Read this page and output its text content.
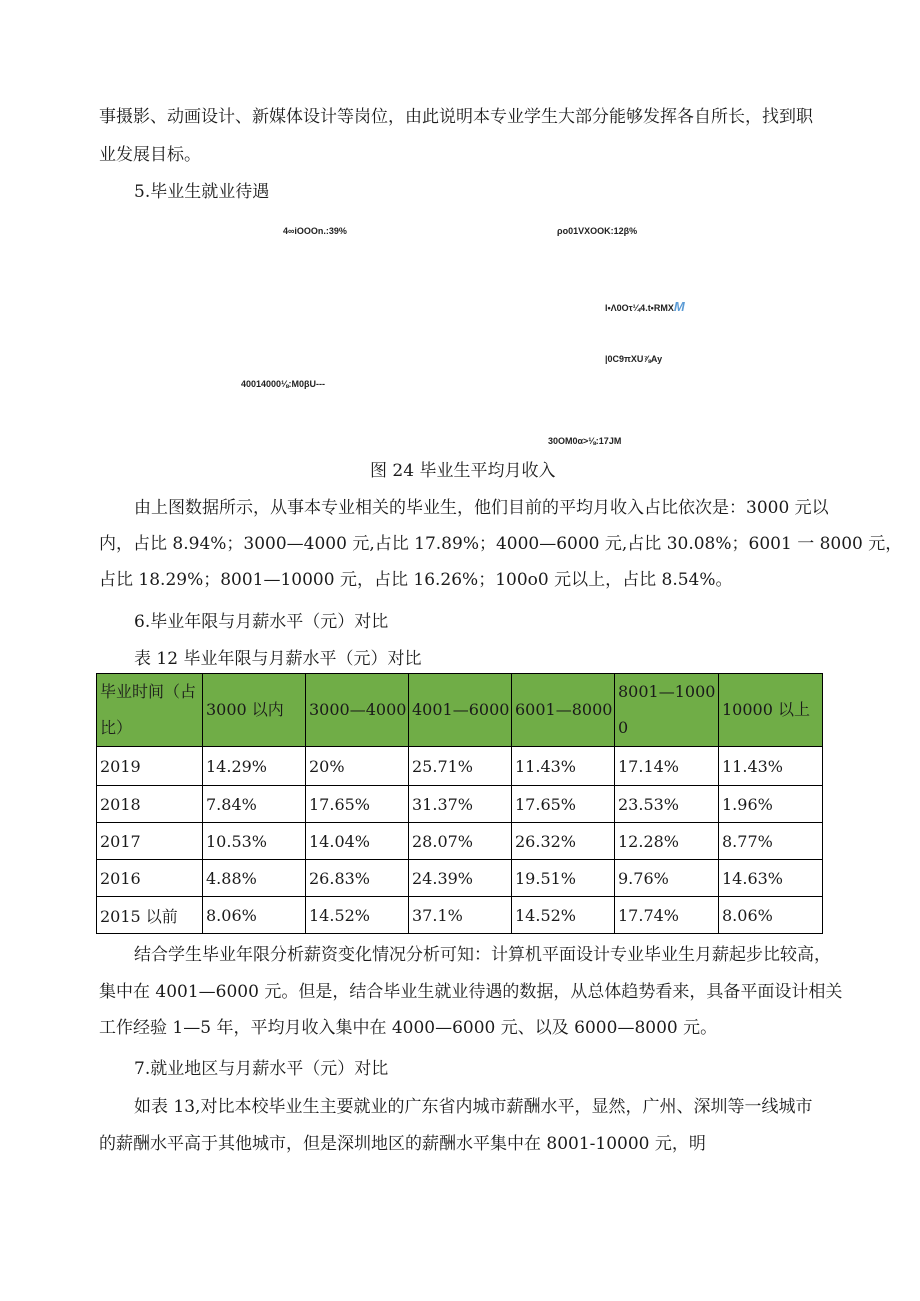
事摄影、动画设计、新媒体设计等岗位，由此说明本专业学生大部分能够发挥各自所长，找到职
业发展目标。
5.毕业生就业待遇
4∞iOOOn.:39%	ρo01VXOOK:12β%
l•Λ0Oτ¼4.t•RMXM
|0C9πXU⅞Ay
40014000⅛:M0βU---
30OM0α>⅛:17JM
图 24 毕业生平均月收入
由上图数据所示，从事本专业相关的毕业生，他们目前的平均月收入占比依次是：3000 元以
内，占比 8.94%；3000—4000 元,占比 17.89%；4000—6000 元,占比 30.08%；6001 一 8000 元，
占比 18.29%；8001—10000 元，占比 16.26%；100o0 元以上，占比 8.54%。
6.毕业年限与月薪水平（元）对比
表 12 毕业年限与月薪水平（元）对比
毕业时间（占比）	3000 以内	3000—4000	4001—6000	6001—8000	8001—10000	10000 以上
2019	14.29%	20%	25.71%	11.43%	17.14%	11.43%
2018	7.84%	17.65%	31.37%	17.65%	23.53%	1.96%
2017	10.53%	14.04%	28.07%	26.32%	12.28%	8.77%
2016	4.88%	26.83%	24.39%	19.51%	9.76%	14.63%
2015 以前	8.06%	14.52%	37.1%	14.52%	17.74%	8.06%
结合学生毕业年限分析薪资变化情况分析可知：计算机平面设计专业毕业生月薪起步比较高，
集中在 4001—6000 元。但是，结合毕业生就业待遇的数据，从总体趋势看来，具备平面设计相关
工作经验 1—5 年，平均月收入集中在 4000—6000 元、以及 6000—8000 元。
7.就业地区与月薪水平（元）对比
如表 13,对比本校毕业生主要就业的广东省内城市薪酬水平，显然，广州、深圳等一线城市
的薪酬水平高于其他城市，但是深圳地区的薪酬水平集中在 8001-10000 元，明
